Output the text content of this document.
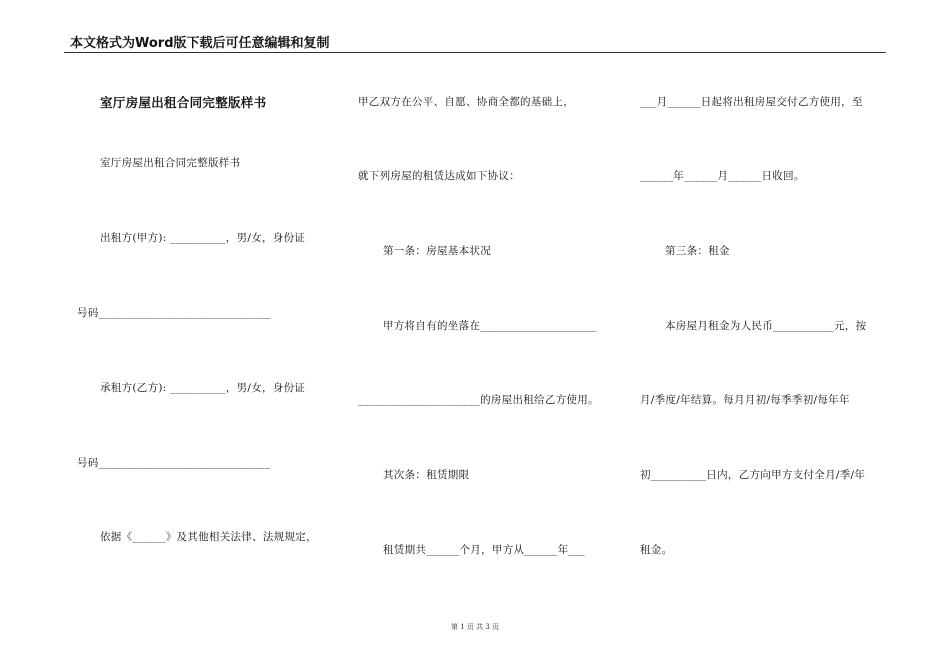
本文格式为Word版下载后可任意编辑和复制
室厅房屋出租合同完整版样书
室厅房屋出租合同完整版样书
出租方(甲方): __________，男/女，身份证
号码_______________________________
承租方(乙方): __________，男/女，身份证
号码_______________________________
依据《______》及其他相关法律、法规规定，
甲乙双方在公平、自愿、协商全都的基础上，
就下列房屋的租赁达成如下协议：
第一条：房屋基本状况
甲方将自有的坐落在_____________________
______________________的房屋出租给乙方使用。
其次条：租赁期限
租赁期共______个月，甲方从______年___
___月______日起将出租房屋交付乙方使用，至
______年______月______日收回。
第三条：租金
本房屋月租金为人民币___________元，按
月/季度/年结算。每月月初/每季季初/每年年
初__________日内，乙方向甲方支付全月/季/年
租金。
第 1 页 共 3 页
